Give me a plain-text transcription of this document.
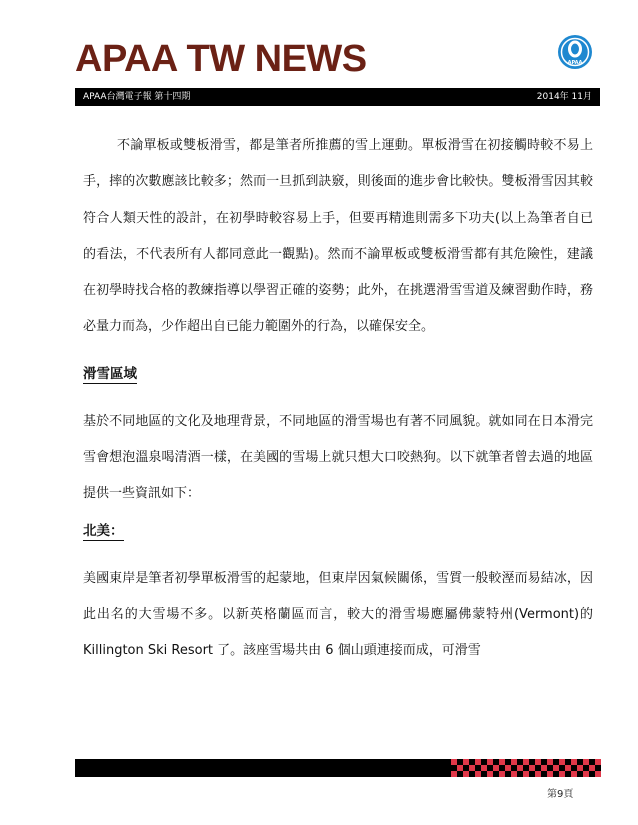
APAA TW NEWS	APAA
APAA台灣電子報 第十四期	2014年 11月

不論單板或雙板滑雪，都是筆者所推薦的雪上運動。單板滑雪在初接觸時較不易上手，摔的次數應該比較多；然而一旦抓到訣竅，則後面的進步會比較快。雙板滑雪因其較符合人類天性的設計，在初學時較容易上手，但要再精進則需多下功夫(以上為筆者自已的看法，不代表所有人都同意此一觀點)。然而不論單板或雙板滑雪都有其危險性，建議在初學時找合格的教練指導以學習正確的姿勢；此外，在挑選滑雪雪道及練習動作時，務必量力而為，少作超出自已能力範圍外的行為，以確保安全。

滑雪區域

基於不同地區的文化及地理背景，不同地區的滑雪場也有著不同風貌。就如同在日本滑完雪會想泡溫泉喝清酒一樣，在美國的雪場上就只想大口咬熱狗。以下就筆者曾去過的地區提供一些資訊如下：

北美：

美國東岸是筆者初學單板滑雪的起蒙地，但東岸因氣候關係，雪質一般較溼而易結冰，因此出名的大雪場不多。以新英格蘭區而言，較大的滑雪場應屬佛蒙特州(Vermont)的 Killington Ski Resort 了。該座雪場共由 6 個山頭連接而成，可滑雪

第9頁
